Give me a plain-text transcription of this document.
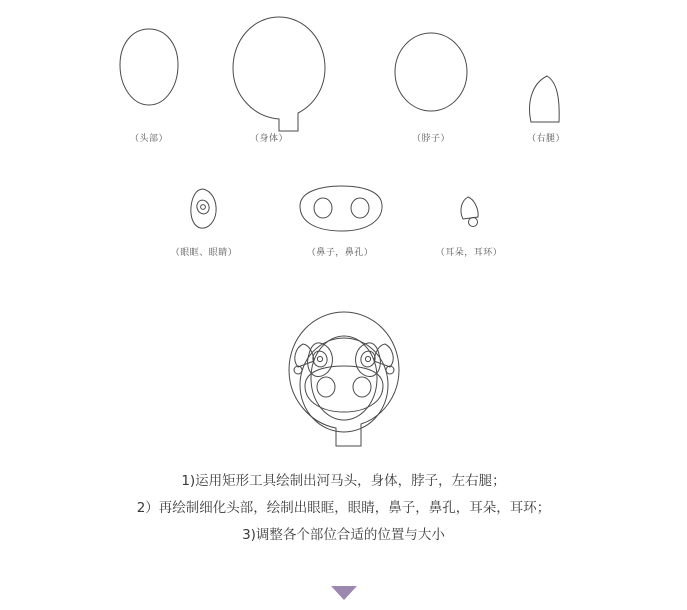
（头部）	（身体）	（脖子）	（右腿）
（眼眶、眼睛）	（鼻子，鼻孔）	（耳朵，耳环）
1)运用矩形工具绘制出河马头，身体，脖子，左右腿；
2）再绘制细化头部，绘制出眼眶，眼睛，鼻子，鼻孔，耳朵，耳环；
3)调整各个部位合适的位置与大小
